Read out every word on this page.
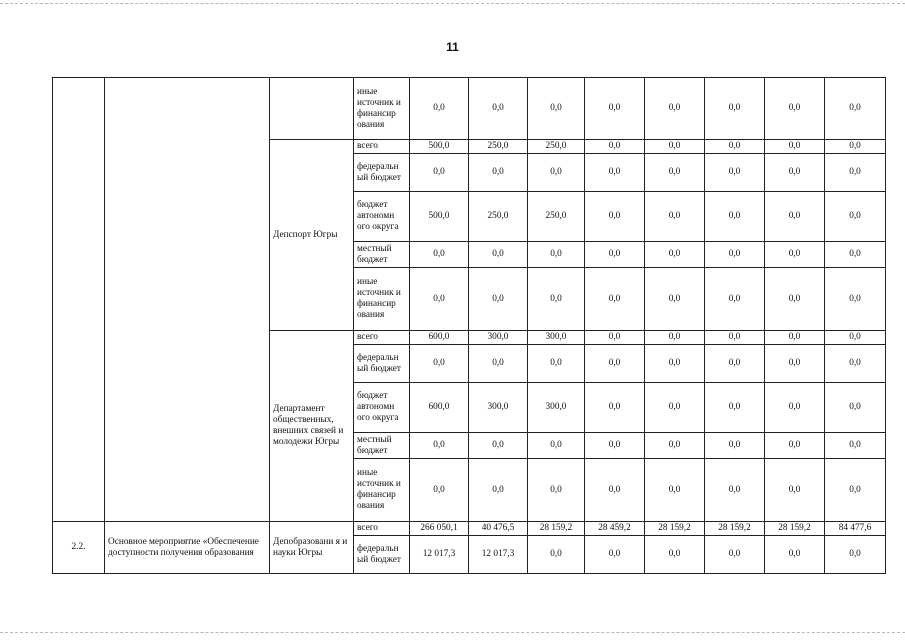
11
			иные источник и финансир ования	0,0	0,0	0,0	0,0	0,0	0,0	0,0	0,0
		Депспорт Югры	всего	500,0	250,0	250,0	0,0	0,0	0,0	0,0	0,0
			федеральн ый бюджет	0,0	0,0	0,0	0,0	0,0	0,0	0,0	0,0
			бюджет автономн ого округа	500,0	250,0	250,0	0,0	0,0	0,0	0,0	0,0
			местный бюджет	0,0	0,0	0,0	0,0	0,0	0,0	0,0	0,0
			иные источник и финансир ования	0,0	0,0	0,0	0,0	0,0	0,0	0,0	0,0
		Департамент общественных, внешних связей и молодежи Югры	всего	600,0	300,0	300,0	0,0	0,0	0,0	0,0	0,0
			федеральн ый бюджет	0,0	0,0	0,0	0,0	0,0	0,0	0,0	0,0
			бюджет автономн ого округа	600,0	300,0	300,0	0,0	0,0	0,0	0,0	0,0
			местный бюджет	0,0	0,0	0,0	0,0	0,0	0,0	0,0	0,0
			иные источник и финансир ования	0,0	0,0	0,0	0,0	0,0	0,0	0,0	0,0
2.2.	Основное мероприятие «Обеспечение доступности получения образования	Депобразовани я и науки Югры	всего	266 050,1	40 476,5	28 159,2	28 459,2	28 159,2	28 159,2	28 159,2	84 477,6
			федеральн ый бюджет	12 017,3	12 017,3	0,0	0,0	0,0	0,0	0,0	0,0
